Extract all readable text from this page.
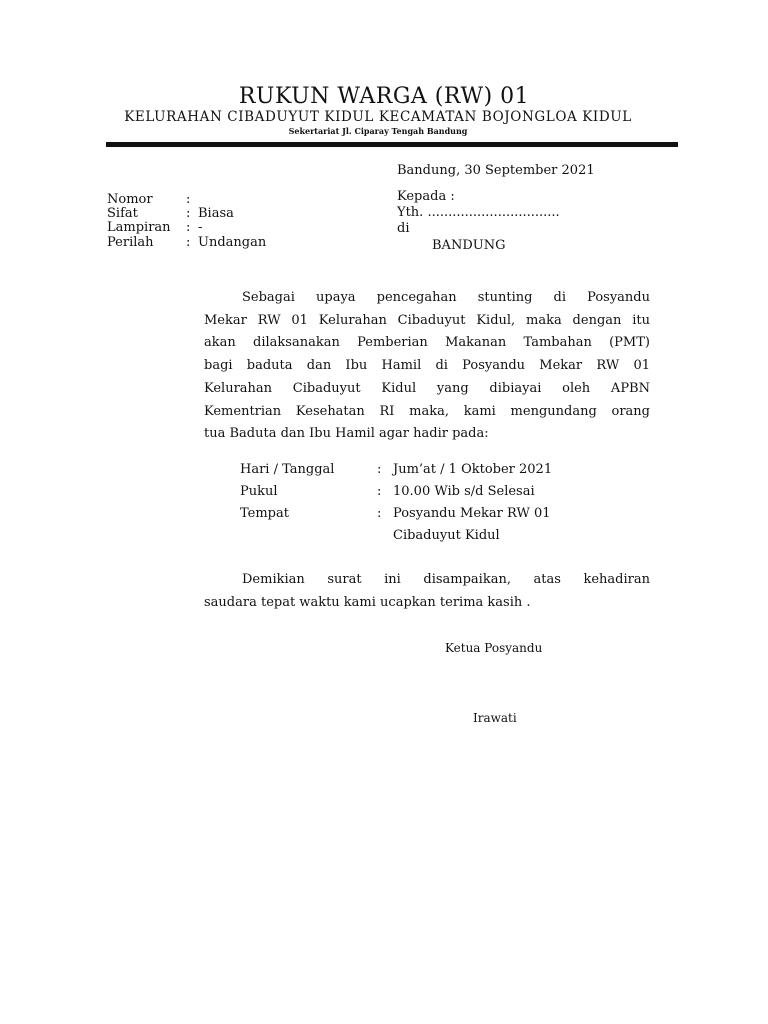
RUKUN WARGA (RW) 01
KELURAHAN CIBADUYUT KIDUL KECAMATAN BOJONGLOA KIDUL
Sekertariat Jl. Ciparay Tengah Bandung
Bandung, 30 September 2021
Nomor	:
Sifat	: Biasa
Lampiran : -
Perilah : Undangan
Kepada :
Yth. ................................
di
BANDUNG

Sebagai upaya pencegahan stunting di Posyandu

Mekar RW 01 Kelurahan Cibaduyut Kidul, maka dengan itu

akan dilaksanakan Pemberian Makanan Tambahan (PMT)

bagi baduta dan Ibu Hamil di Posyandu Mekar RW 01

Kelurahan Cibaduyut Kidul yang dibiayai oleh APBN

Kementrian Kesehatan RI maka, kami mengundang orang

tua Baduta dan Ibu Hamil agar hadir pada:

Hari / Tanggal	: Jum’at / 1 Oktober 2021
Pukul	: 10.00 Wib s/d Selesai
Tempat	: Posyandu Mekar RW 01
Cibaduyut Kidul

Demikian surat ini disampaikan, atas kehadiran

saudara tepat waktu kami ucapkan terima kasih .

Ketua Posyandu
Irawati
